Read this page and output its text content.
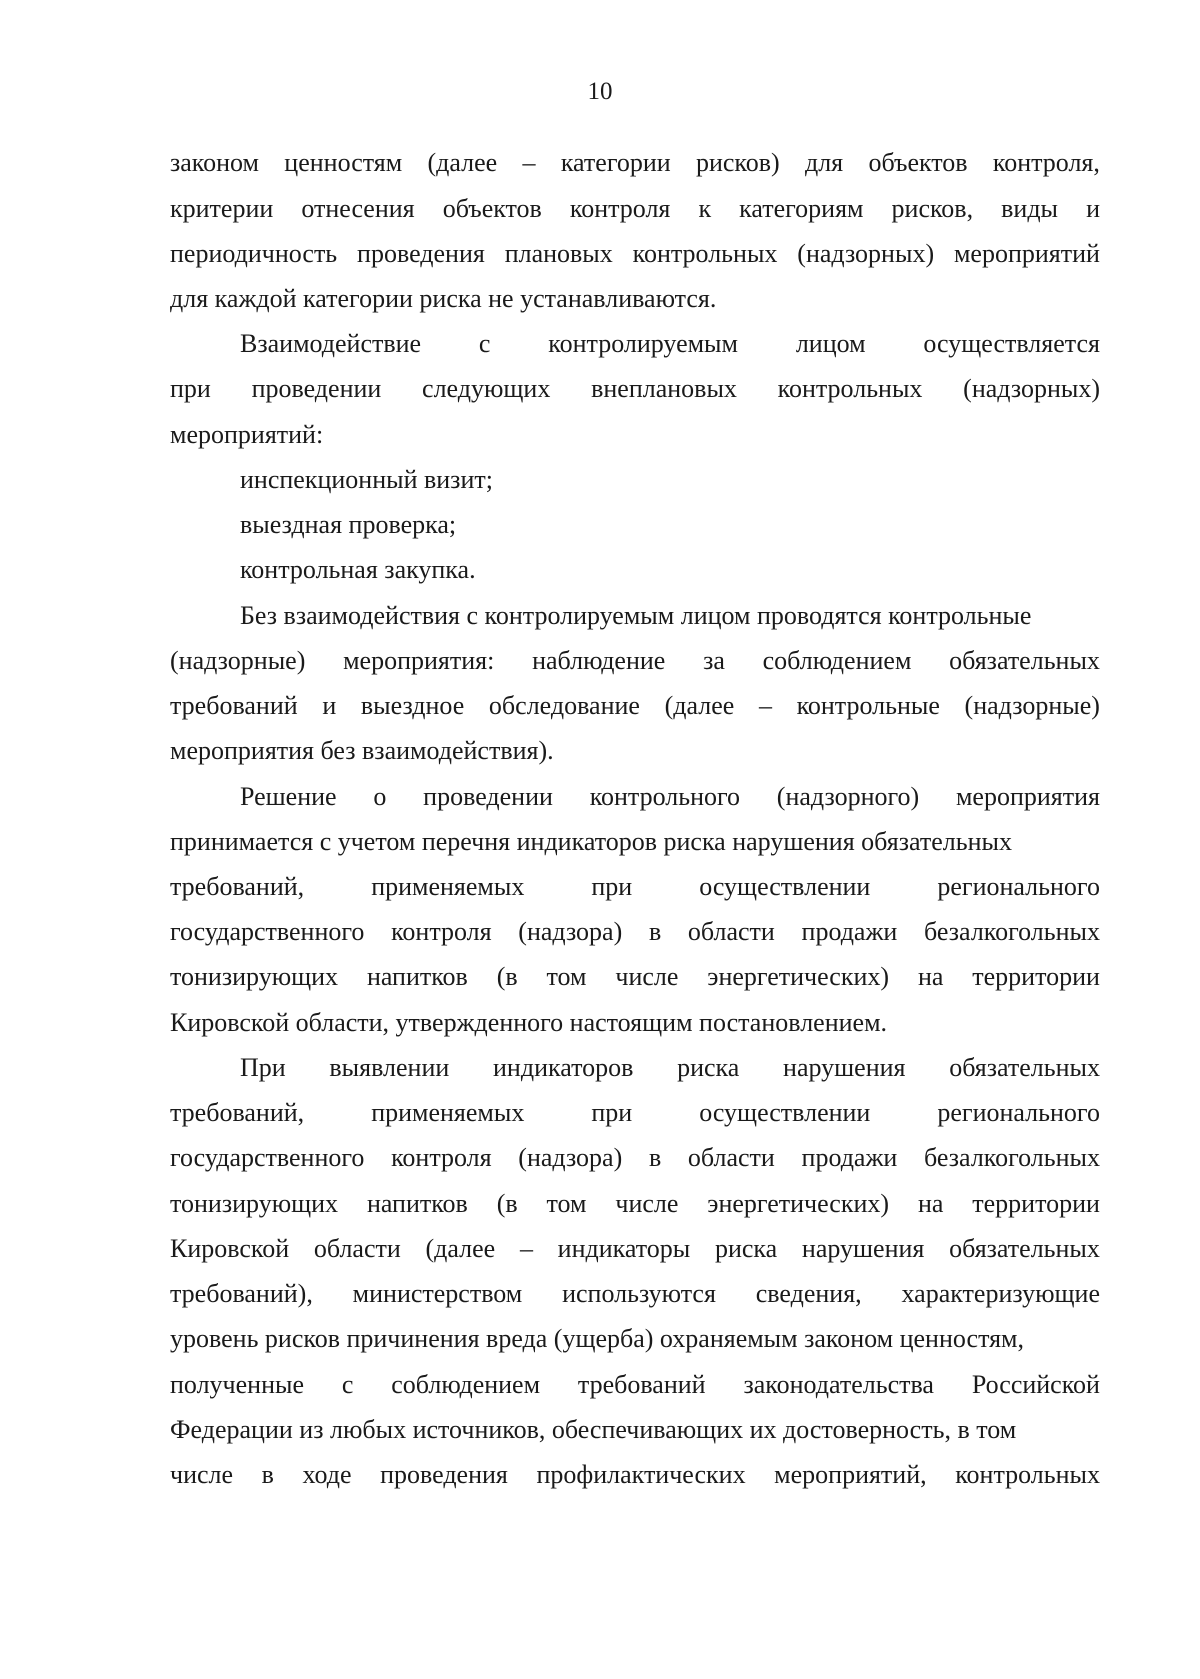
10
законом ценностям (далее – категории рисков) для объектов контроля,
критерии отнесения объектов контроля к категориям рисков, виды и
периодичность проведения плановых контрольных (надзорных) мероприятий
для каждой категории риска не устанавливаются.
Взаимодействие с контролируемым лицом осуществляется
при проведении следующих внеплановых контрольных (надзорных)
мероприятий:
инспекционный визит;
выездная проверка;
контрольная закупка.
Без взаимодействия с контролируемым лицом проводятся контрольные
(надзорные) мероприятия: наблюдение за соблюдением обязательных
требований и выездное обследование (далее – контрольные (надзорные)
мероприятия без взаимодействия).
Решение о проведении контрольного (надзорного) мероприятия
принимается с учетом перечня индикаторов риска нарушения обязательных
требований,	применяемых	при	осуществлении	регионального
государственного контроля (надзора) в области продажи безалкогольных
тонизирующих напитков (в том числе энергетических) на территории
Кировской области, утвержденного настоящим постановлением.
При выявлении индикаторов риска нарушения обязательных
требований,	применяемых	при	осуществлении	регионального
государственного контроля (надзора) в области продажи безалкогольных
тонизирующих напитков (в том числе энергетических) на территории
Кировской области (далее – индикаторы риска нарушения обязательных
требований), министерством используются сведения, характеризующие
уровень рисков причинения вреда (ущерба) охраняемым законом ценностям,
полученные с соблюдением требований законодательства Российской
Федерации из любых источников, обеспечивающих их достоверность, в том
числе в ходе проведения профилактических мероприятий, контрольных
